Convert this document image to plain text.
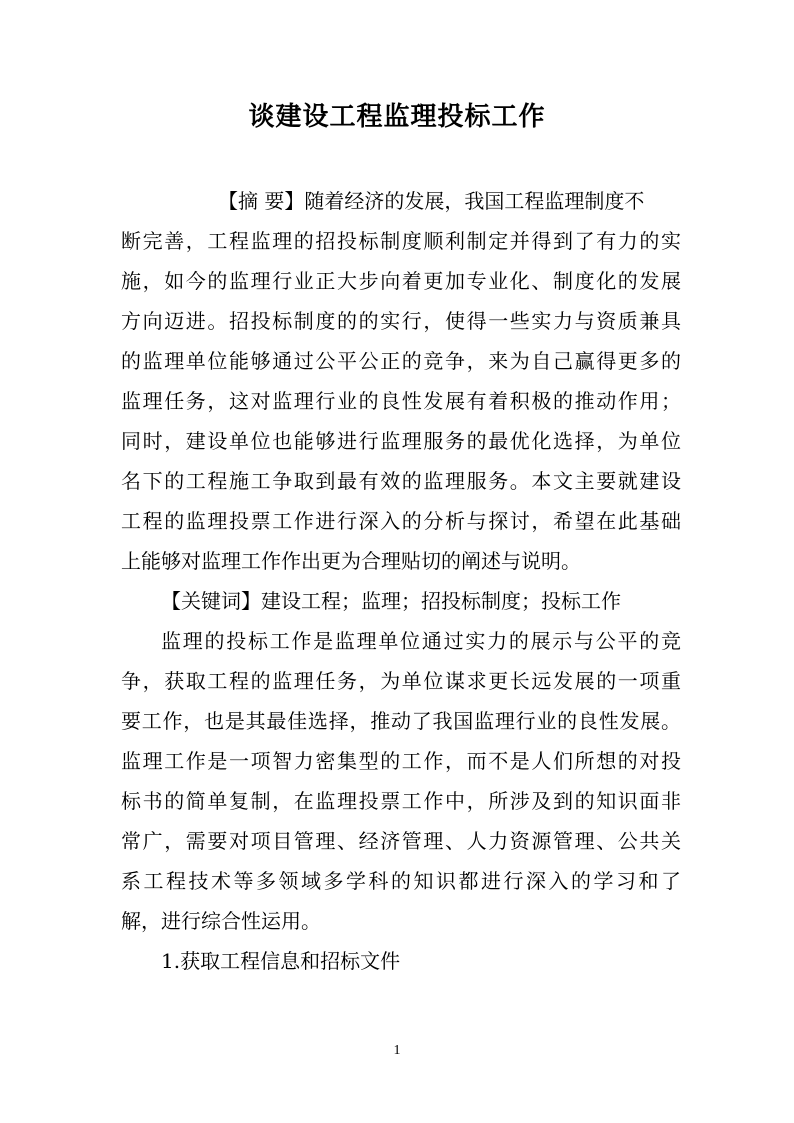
谈建设工程监理投标工作
【摘 要】随着经济的发展，我国工程监理制度不
断完善，工程监理的招投标制度顺利制定并得到了有力的实
施，如今的监理行业正大步向着更加专业化、制度化的发展
方向迈进。招投标制度的的实行，使得一些实力与资质兼具
的监理单位能够通过公平公正的竞争，来为自己赢得更多的
监理任务，这对监理行业的良性发展有着积极的推动作用；
同时，建设单位也能够进行监理服务的最优化选择，为单位
名下的工程施工争取到最有效的监理服务。本文主要就建设
工程的监理投票工作进行深入的分析与探讨，希望在此基础
上能够对监理工作作出更为合理贴切的阐述与说明。
【关键词】建设工程；监理；招投标制度；投标工作
监理的投标工作是监理单位通过实力的展示与公平的竞
争，获取工程的监理任务，为单位谋求更长远发展的一项重
要工作，也是其最佳选择，推动了我国监理行业的良性发展。
监理工作是一项智力密集型的工作，而不是人们所想的对投
标书的简单复制，在监理投票工作中，所涉及到的知识面非
常广，需要对项目管理、经济管理、人力资源管理、公共关
系工程技术等多领域多学科的知识都进行深入的学习和了
解，进行综合性运用。
1.获取工程信息和招标文件
1
